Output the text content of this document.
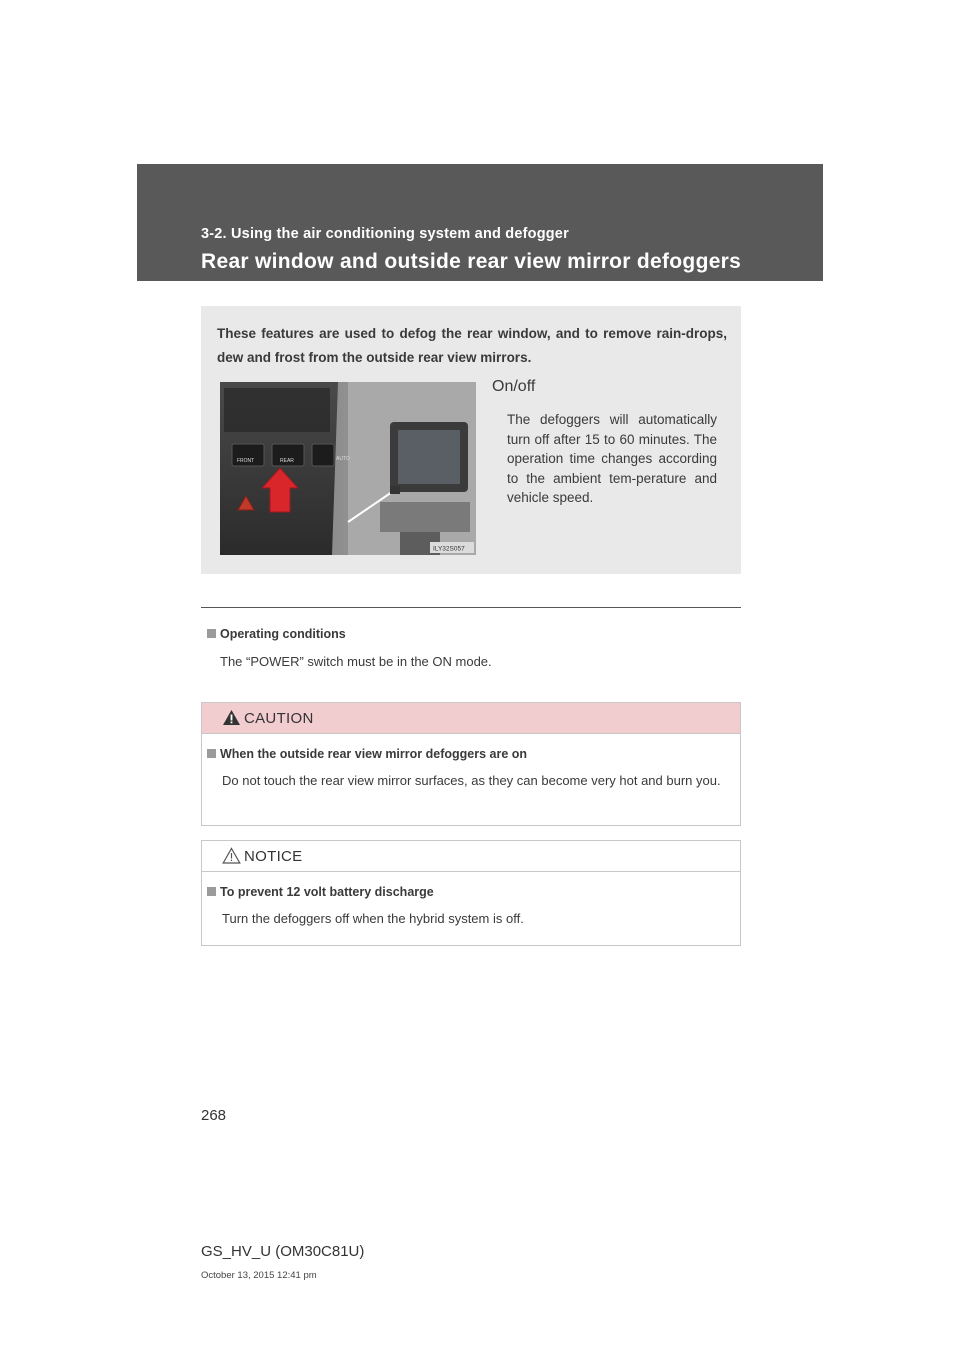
3-2. Using the air conditioning system and defogger
Rear window and outside rear view mirror defoggers
These features are used to defog the rear window, and to remove rain-drops, dew and frost from the outside rear view mirrors.
FRONT	REAR	AUTO
ILY32S057
On/off
The defoggers will automatically turn off after 15 to 60 minutes. The operation time changes according to the ambient tem-perature and vehicle speed.
Operating conditions
The “POWER” switch must be in the ON mode.
CAUTION
When the outside rear view mirror defoggers are on
Do not touch the rear view mirror surfaces, as they can become very hot and burn you.
NOTICE
To prevent 12 volt battery discharge
Turn the defoggers off when the hybrid system is off.
268
GS_HV_U (OM30C81U)
October 13, 2015 12:41 pm
